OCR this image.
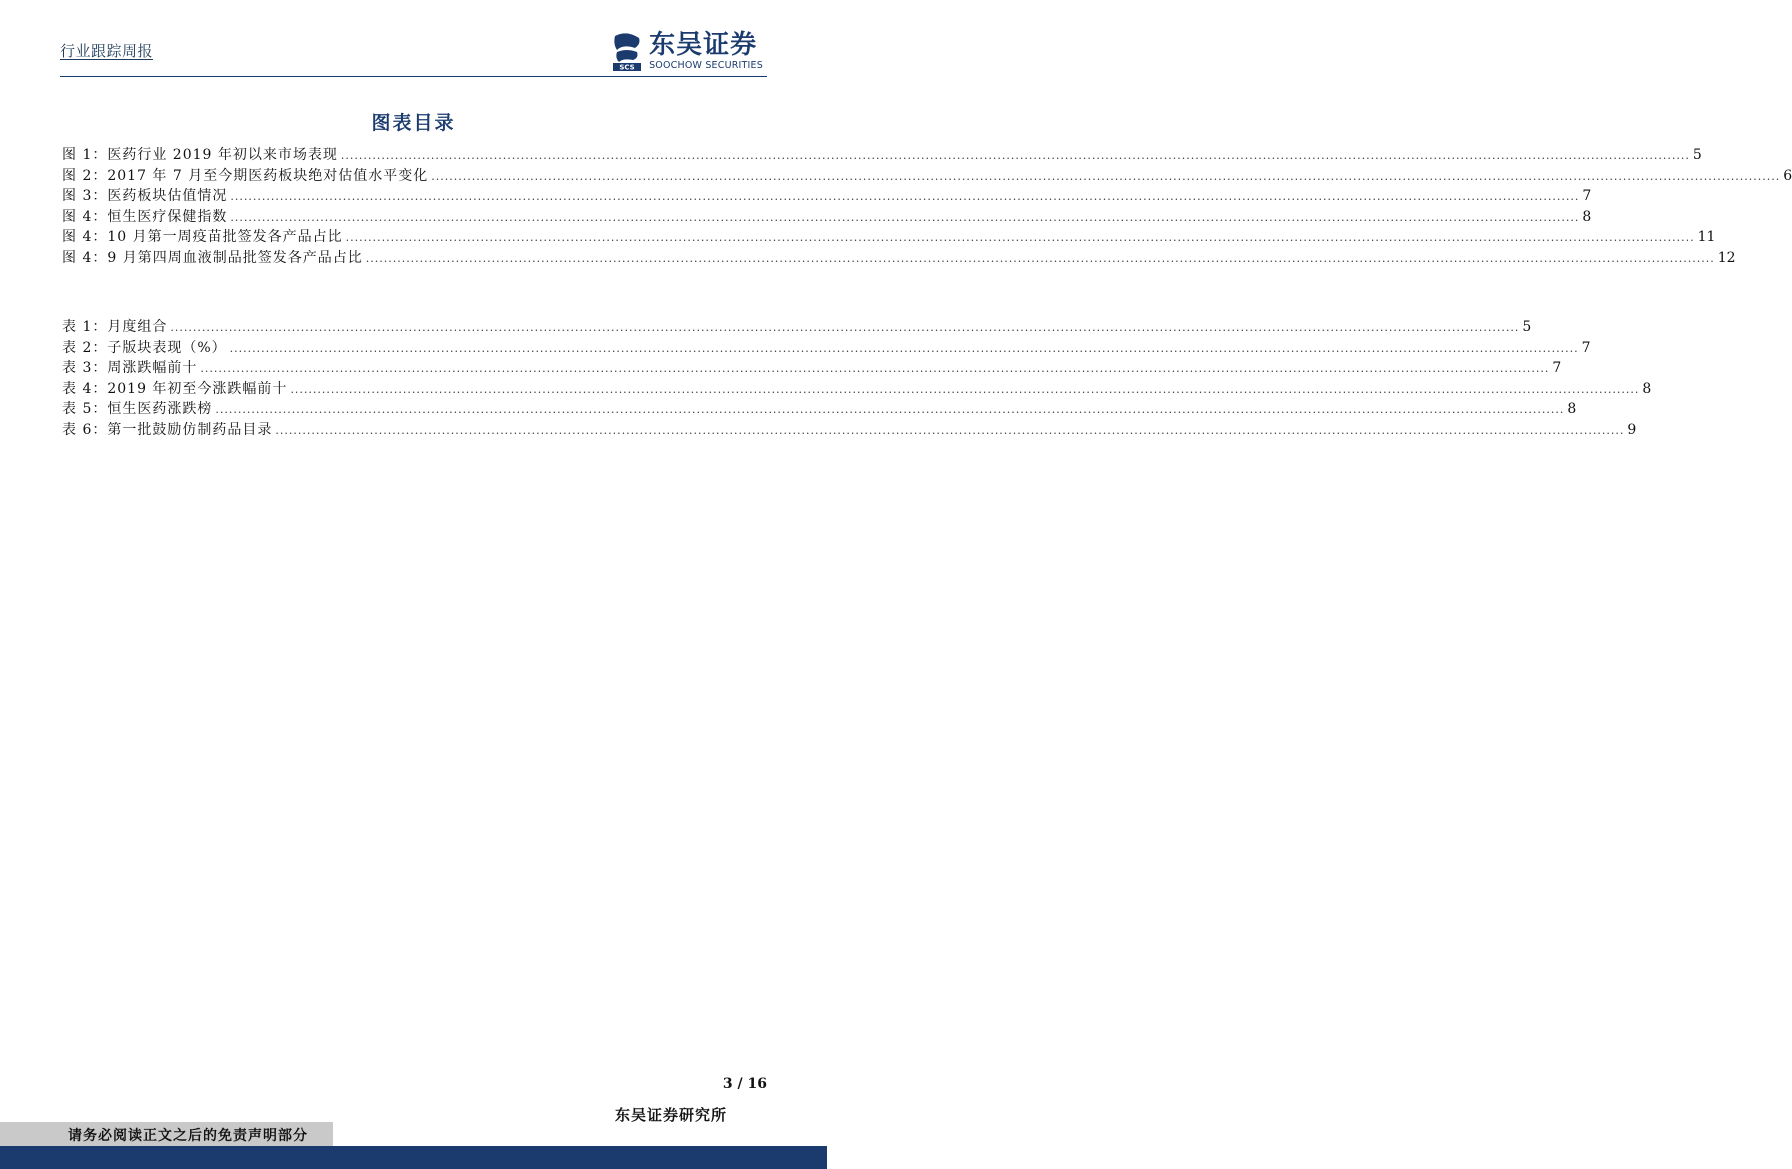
行业跟踪周报
SCS
东吴证券
SOOCHOW SECURITIES
图表目录
图 1：医药行业 2019 年初以来市场表现 ............................................................................................................................................................................................................................................................................................................ 5
图 2：2017 年 7 月至今期医药板块绝对估值水平变化 ............................................................................................................................................................................................................................................................................................................ 6
图 3：医药板块估值情况 ............................................................................................................................................................................................................................................................................................................ 7
图 4：恒生医疗保健指数 ............................................................................................................................................................................................................................................................................................................ 8
图 4：10 月第一周疫苗批签发各产品占比 ............................................................................................................................................................................................................................................................................................................ 11
图 4：9 月第四周血液制品批签发各产品占比 ............................................................................................................................................................................................................................................................................................................ 12
表 1：月度组合 ............................................................................................................................................................................................................................................................................................................ 5
表 2：子版块表现（%） ............................................................................................................................................................................................................................................................................................................ 7
表 3：周涨跌幅前十 ............................................................................................................................................................................................................................................................................................................ 7
表 4：2019 年初至今涨跌幅前十 ............................................................................................................................................................................................................................................................................................................ 8
表 5：恒生医药涨跌榜 ............................................................................................................................................................................................................................................................................................................ 8
表 6：第一批鼓励仿制药品目录 ............................................................................................................................................................................................................................................................................................................ 9
3 / 16
东吴证券研究所
请务必阅读正文之后的免责声明部分
